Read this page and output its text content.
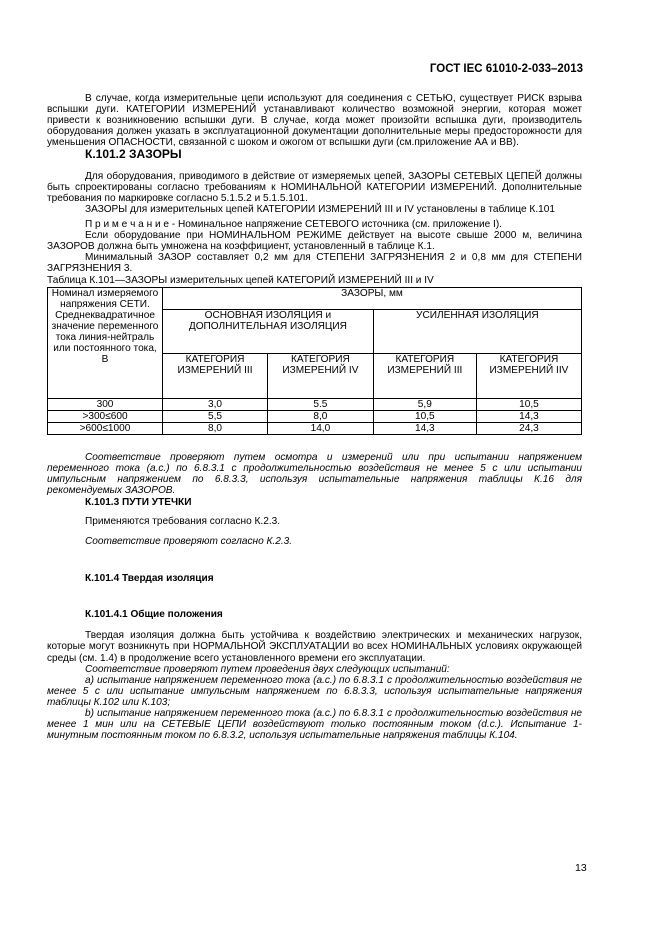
ГОСТ IEC 61010-2-033–2013

В случае, когда измерительные цепи используют для соединения с СЕТЬЮ, существует РИСК взрыва вспышки дуги. КАТЕГОРИИ ИЗМЕРЕНИЙ устанавливают количество возможной энергии, которая может привести к возникновению вспышки дуги. В случае, когда может произойти вспышка дуги, производитель оборудования должен указать в эксплуатационной документации дополнительные меры предосторожности для уменьшения ОПАСНОСТИ, связанной с шоком и ожогом от вспышки дуги (см.приложение АА и ВВ).

К.101.2 ЗАЗОРЫ

Для оборудования, приводимого в действие от измеряемых цепей, ЗАЗОРЫ СЕТЕВЫХ ЦЕПЕЙ должны быть спроектированы согласно требованиям к НОМИНАЛЬНОЙ КАТЕГОРИИ ИЗМЕРЕНИЙ. Дополнительные требования по маркировке согласно 5.1.5.2 и 5.1.5.101.

ЗАЗОРЫ для измерительных цепей КАТЕГОРИИ ИЗМЕРЕНИЙ III и IV установлены в таблице К.101

П р и м е ч а н и е - Номинальное напряжение СЕТЕВОГО источника (см. приложение I).

Если оборудование при НОМИНАЛЬНОМ РЕЖИМЕ действует на высоте свыше 2000 м, величина ЗАЗОРОВ должна быть умножена на коэффициент, установленный в таблице К.1.

Минимальный ЗАЗОР составляет 0,2 мм для СТЕПЕНИ ЗАГРЯЗНЕНИЯ 2 и 0,8 мм для СТЕПЕНИ ЗАГРЯЗНЕНИЯ 3.

Таблица К.101—ЗАЗОРЫ измерительных цепей КАТЕГОРИЙ ИЗМЕРЕНИЙ III и IV
Номинал измеряемого напряжения СЕТИ. Среднеквадратичное значение переменного тока линия-нейтраль или постоянного тока, В	ЗАЗОРЫ, мм			
	ОСНОВНАЯ ИЗОЛЯЦИЯ и ДОПОЛНИТЕЛЬНАЯ ИЗОЛЯЦИЯ		УСИЛЕННАЯ ИЗОЛЯЦИЯ	
	КАТЕГОРИЯ ИЗМЕРЕНИЙ III	КАТЕГОРИЯ ИЗМЕРЕНИЙ IV	КАТЕГОРИЯ ИЗМЕРЕНИЙ III	КАТЕГОРИЯ ИЗМЕРЕНИЙ IIV
300	3,0	5.5	5,9	10,5
>300≤600	5,5	8,0	10,5	14,3
>600≤1000	8,0	14,0	14,3	24,3

Соответствие проверяют путем осмотра и измерений или при испытании напряжением переменного тока (а.с.) по 6.8.3.1 с продолжительностью воздействия не менее 5 с или испытании импульсным напряжением по 6.8.3.3, используя испытательные напряжения таблицы К.16 для рекомендуемых ЗАЗОРОВ.

К.101.3 ПУТИ УТЕЧКИ

Применяются требования согласно К.2.3.

Соответствие проверяют согласно К.2.3.

К.101.4 Твердая изоляция
К.101.4.1 Общие положения

Твердая изоляция должна быть устойчива к воздействию электрических и механических нагрузок, которые могут возникнуть при НОРМАЛЬНОЙ ЭКСПЛУАТАЦИИ во всех НОМИНАЛЬНЫХ условиях окружающей среды (см. 1.4) в продолжение всего установленного времени его эксплуатации.

Соответствие проверяют путем проведения двух следующих испытаний:

а) испытание напряжением переменного тока (а.с.) по 6.8.3.1 с продолжительностью воздействия не менее 5 с или испытание импульсным напряжением по 6.8.3.3, используя испытательные напряжения таблицы К.102 или К.103;

b) испытание напряжением переменного тока (а.с.) по 6.8.3.1 с продолжительностью воздействия не менее 1 мин или на СЕТЕВЫЕ ЦЕПИ воздействуют только постоянным током (d.c.). Испытание 1-минутным постоянным током по 6.8.3.2, используя испытательные напряжения таблицы К.104.

13
